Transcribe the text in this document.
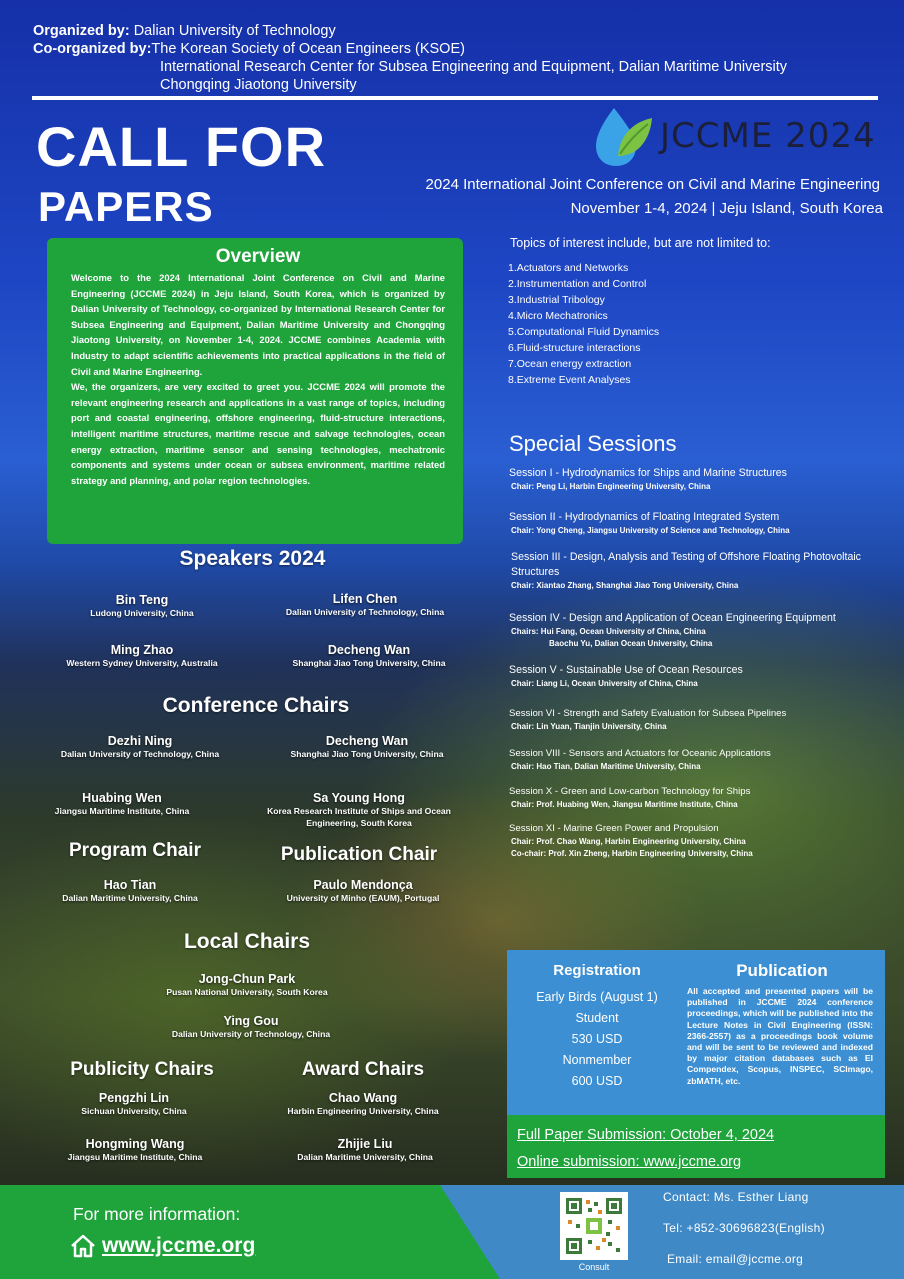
Organized by: Dalian University of Technology
Co-organized by: The Korean Society of Ocean Engineers (KSOE)
International Research Center for Subsea Engineering and Equipment, Dalian Maritime University
Chongqing Jiaotong University
CALL FOR
PAPERS
JCCME 2024
2024 International Joint Conference on Civil and Marine Engineering
November 1-4, 2024 | Jeju Island, South Korea
Overview

Welcome to the 2024 International Joint Conference on Civil and Marine Engineering (JCCME 2024) in Jeju Island, South Korea, which is organized by Dalian University of Technology, co-organized by International Research Center for Subsea Engineering and Equipment, Dalian Maritime University and Chongqing Jiaotong University, on November 1-4, 2024. JCCME combines Academia with Industry to adapt scientific achievements into practical applications in the field of Civil and Marine Engineering.

We, the organizers, are very excited to greet you. JCCME 2024 will promote the relevant engineering research and applications in a vast range of topics, including port and coastal engineering, offshore engineering, fluid-structure interactions, intelligent maritime structures, maritime rescue and salvage technologies, ocean energy extraction, maritime sensor and sensing technologies, mechatronic components and systems under ocean or subsea environment, maritime related strategy and planning, and polar region technologies.

Topics of interest include, but are not limited to:
1.Actuators and Networks
2.Instrumentation and Control
3.Industrial Tribology
4.Micro Mechatronics
5.Computational Fluid Dynamics
6.Fluid-structure interactions
7.Ocean energy extraction
8.Extreme Event Analyses
Special Sessions
Session I - Hydrodynamics for Ships and Marine Structures
Chair: Peng Li, Harbin Engineering University, China
Session II - Hydrodynamics of Floating Integrated System
Chair: Yong Cheng, Jiangsu University of Science and Technology, China
Session III - Design, Analysis and Testing of Offshore Floating Photovoltaic Structures
Chair: Xiantao Zhang, Shanghai Jiao Tong University, China
Session IV - Design and Application of Ocean Engineering Equipment
Chairs: Hui Fang, Ocean University of China, China
Baochu Yu, Dalian Ocean University, China
Session V - Sustainable Use of Ocean Resources
Chair: Liang Li, Ocean University of China, China
Session VI - Strength and Safety Evaluation for Subsea Pipelines
Chair: Lin Yuan, Tianjin University, China
Session VIII - Sensors and Actuators for Oceanic Applications
Chair: Hao Tian, Dalian Maritime University, China
Session X - Green and Low-carbon Technology for Ships
Chair: Prof. Huabing Wen, Jiangsu Maritime Institute, China
Session XI - Marine Green Power and Propulsion
Chair: Prof. Chao Wang, Harbin Engineering University, China
Co-chair: Prof. Xin Zheng, Harbin Engineering University, China
Speakers 2024
Bin Teng
Ludong University, China
Lifen Chen
Dalian University of Technology, China
Ming Zhao
Western Sydney University, Australia
Decheng Wan
Shanghai Jiao Tong University, China
Conference Chairs
Dezhi Ning
Dalian University of Technology, China
Decheng Wan
Shanghai Jiao Tong University, China
Huabing Wen
Jiangsu Maritime Institute, China
Sa Young Hong
Korea Research Institute of Ships and Ocean Engineering, South Korea
Program Chair	Publication Chair
Hao Tian
Dalian Maritime University, China
Paulo Mendonça
University of Minho (EAUM), Portugal
Local Chairs
Jong-Chun Park
Pusan National University, South Korea
Ying Gou
Dalian University of Technology, China
Publicity Chairs	Award Chairs
Pengzhi Lin
Sichuan University, China
Chao Wang
Harbin Engineering University, China
Hongming Wang
Jiangsu Maritime Institute, China
Zhijie Liu
Dalian Maritime University, China
Registration
Early Birds (August 1)
Student
530 USD
Nonmember
600 USD
Publication

All accepted and presented papers will be published in JCCME 2024 conference proceedings, which will be published into the Lecture Notes in Civil Engineering (ISSN: 2366-2557) as a proceedings book volume and will be sent to be reviewed and indexed by major citation databases such as EI Compendex, Scopus, INSPEC, SCImago, zbMATH, etc.

Full Paper Submission: October 4, 2024
Online submission: www.jccme.org
For more information:
www.jccme.org
Consult
Contact: Ms. Esther Liang
Tel: +852-30696823(English)
Email: email@jccme.org
